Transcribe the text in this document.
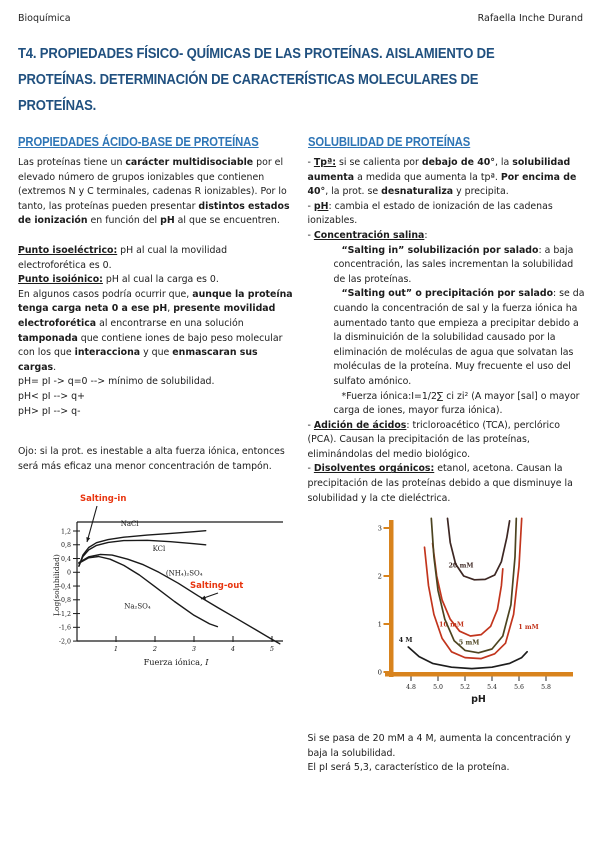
Bioquímica	Rafaella Inche Durand
T4. PROPIEDADES FÍSICO- QUÍMICAS DE LAS PROTEÍNAS. AISLAMIENTO DE PROTEÍNAS. DETERMINACIÓN DE CARACTERÍSTICAS MOLECULARES DE PROTEÍNAS.
PROPIEDADES ÁCIDO-BASE DE PROTEÍNAS
Las proteínas tiene un carácter multidisociable por el elevado número de grupos ionizables que contienen (extremos N y C terminales, cadenas R ionizables). Por lo tanto, las proteínas pueden presentar distintos estados de ionización en función del pH al que se encuentren.
Punto isoeléctrico: pH al cual la movilidad electroforética es 0.
Punto isoiónico: pH al cual la carga es 0.
En algunos casos podría ocurrir que, aunque la proteína tenga carga neta 0 a ese pH, presente movilidad electroforética al encontrarse en una solución tamponada que contiene iones de bajo peso molecular con los que interacciona y que enmascaran sus cargas.
pH= pI -> q=0 --> mínimo de solubilidad.
pH< pI --> q+
pH> pI --> q-
Ojo: si la prot. es inestable a alta fuerza iónica, entonces será más eficaz una menor concentración de tampón.
1,2
0,8
0,4
0
-0,4
-0,8
-1,2
-1,6
-2,0
1	2	3	4	5
Log(solubilidad)
Fuerza iónica, I
NaCl
KCl
(NH₄)₂SO₄
Na₂SO₄
Salting-in
Salting-out
SOLUBILIDAD DE PROTEÍNAS
- Tpª: si se calienta por debajo de 40°, la solubilidad aumenta a medida que aumenta la tpª. Por encima de 40°, la prot. se desnaturaliza y precipita.
- pH: cambia el estado de ionización de las cadenas ionizables.
- Concentración salina:
“Salting in” solubilización por salado: a baja concentración, las sales incrementan la solubilidad de las proteínas.
“Salting out” o precipitación por salado: se da cuando la concentración de sal y la fuerza iónica ha aumentado tanto que empieza a precipitar debido a la disminuición de la solubilidad causado por la eliminación de moléculas de agua que solvatan las moléculas de la proteína. Muy frecuente el uso del sulfato amónico.
*Fuerza iónica:I=1/2∑ ci zi² (A mayor [sal] o mayor carga de iones, mayor furza iónica).
- Adición de ácidos: tricloroacético (TCA), perclórico (PCA). Causan la precipitación de las proteínas, eliminándolas del medio biológico.
- Disolventes orgánicos: etanol, acetona. Causan la precipitación de las proteínas debido a que disminuye la solubilidad y la cte dieléctrica.
0
1
2
3
4.8	5.0	5.2	5.4	5.6	5.8
pH
20 mM
10 mM
5 mM
1 mM
4 M
Si se pasa de 20 mM a 4 M, aumenta la concentración y baja la solubilidad.
El pI será 5,3, característico de la proteína.
